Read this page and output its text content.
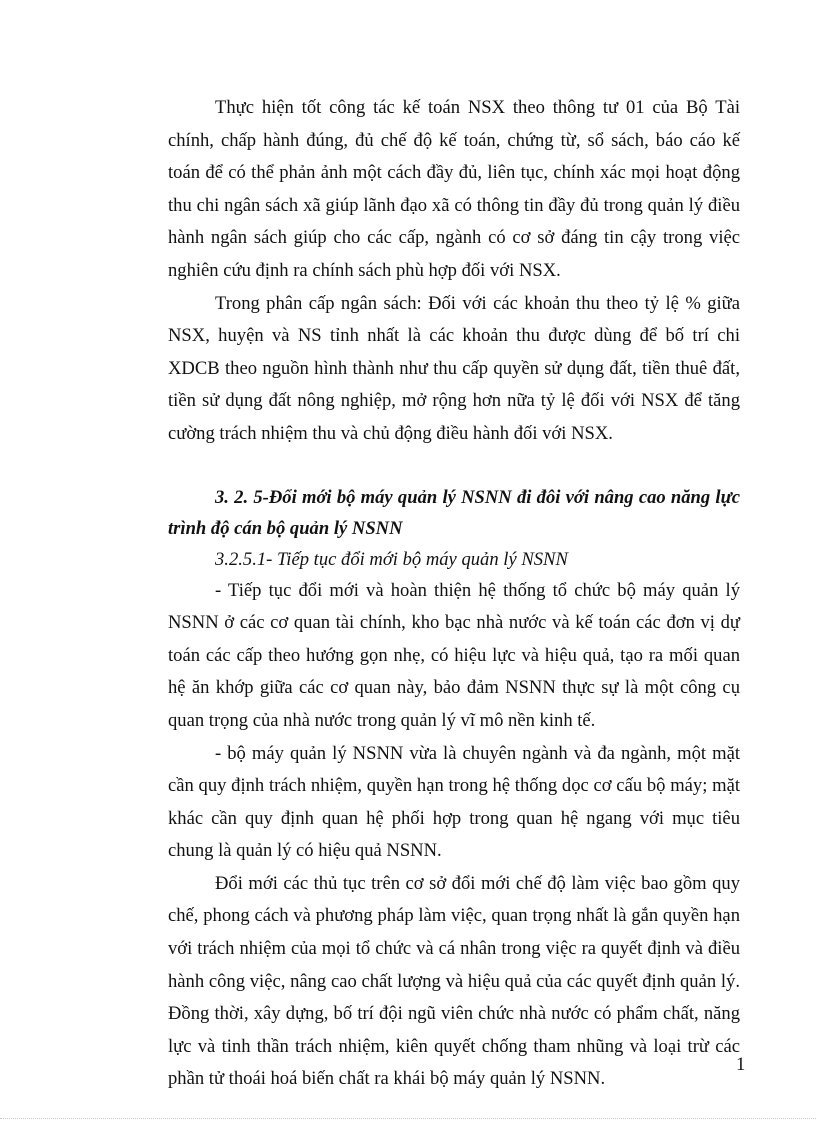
Thực hiện tốt công tác kế toán NSX theo thông tư 01 của Bộ Tài chính, chấp hành đúng, đủ chế độ kế toán, chứng từ, sổ sách, báo cáo kế toán để có thể phản ảnh một cách đầy đủ, liên tục, chính xác mọi hoạt động thu chi ngân sách xã giúp lãnh đạo xã có thông tin đầy đủ trong quản lý điều hành ngân sách giúp cho các cấp, ngành có cơ sở đáng tin cậy trong việc nghiên cứu định ra chính sách phù hợp đối với NSX.

Trong phân cấp ngân sách: Đối với các khoản thu theo tỷ lệ % giữa NSX, huyện và NS tỉnh nhất là các khoản thu được dùng để bố trí chi XDCB theo nguồn hình thành như thu cấp quyền sử dụng đất, tiền thuê đất, tiền sử dụng đất nông nghiệp, mở rộng hơn nữa tỷ lệ đối với NSX để tăng cường trách nhiệm thu và chủ động điều hành đối với NSX.

3. 2. 5-Đổi mới bộ máy quản lý NSNN đi đôi với nâng cao năng lực trình độ cán bộ quản lý NSNN

3.2.5.1- Tiếp tục đổi mới bộ máy quản lý NSNN

- Tiếp tục đổi mới và hoàn thiện hệ thống tổ chức bộ máy quản lý NSNN ở các cơ quan tài chính, kho bạc nhà nước và kế toán các đơn vị dự toán các cấp theo hướng gọn nhẹ, có hiệu lực và hiệu quả, tạo ra mối quan hệ ăn khớp giữa các cơ quan này, bảo đảm NSNN thực sự là một công cụ quan trọng của nhà nước trong quản lý vĩ mô nền kinh tế.

- bộ máy quản lý NSNN vừa là chuyên ngành và đa ngành, một mặt cần quy định trách nhiệm, quyền hạn trong hệ thống dọc cơ cấu bộ máy; mặt khác cần quy định quan hệ phối hợp trong quan hệ ngang với mục tiêu chung là quản lý có hiệu quả NSNN.

Đổi mới các thủ tục trên cơ sở đổi mới chế độ làm việc bao gồm quy chế, phong cách và phương pháp làm việc, quan trọng nhất là gắn quyền hạn với trách nhiệm của mọi tổ chức và cá nhân trong việc ra quyết định và điều hành công việc, nâng cao chất lượng và hiệu quả của các quyết định quản lý. Đồng thời, xây dựng, bố trí đội ngũ viên chức nhà nước có phẩm chất, năng lực và tinh thần trách nhiệm, kiên quyết chống tham nhũng và loại trừ các phần tử thoái hoá biến chất ra khái bộ máy quản lý NSNN.

1
